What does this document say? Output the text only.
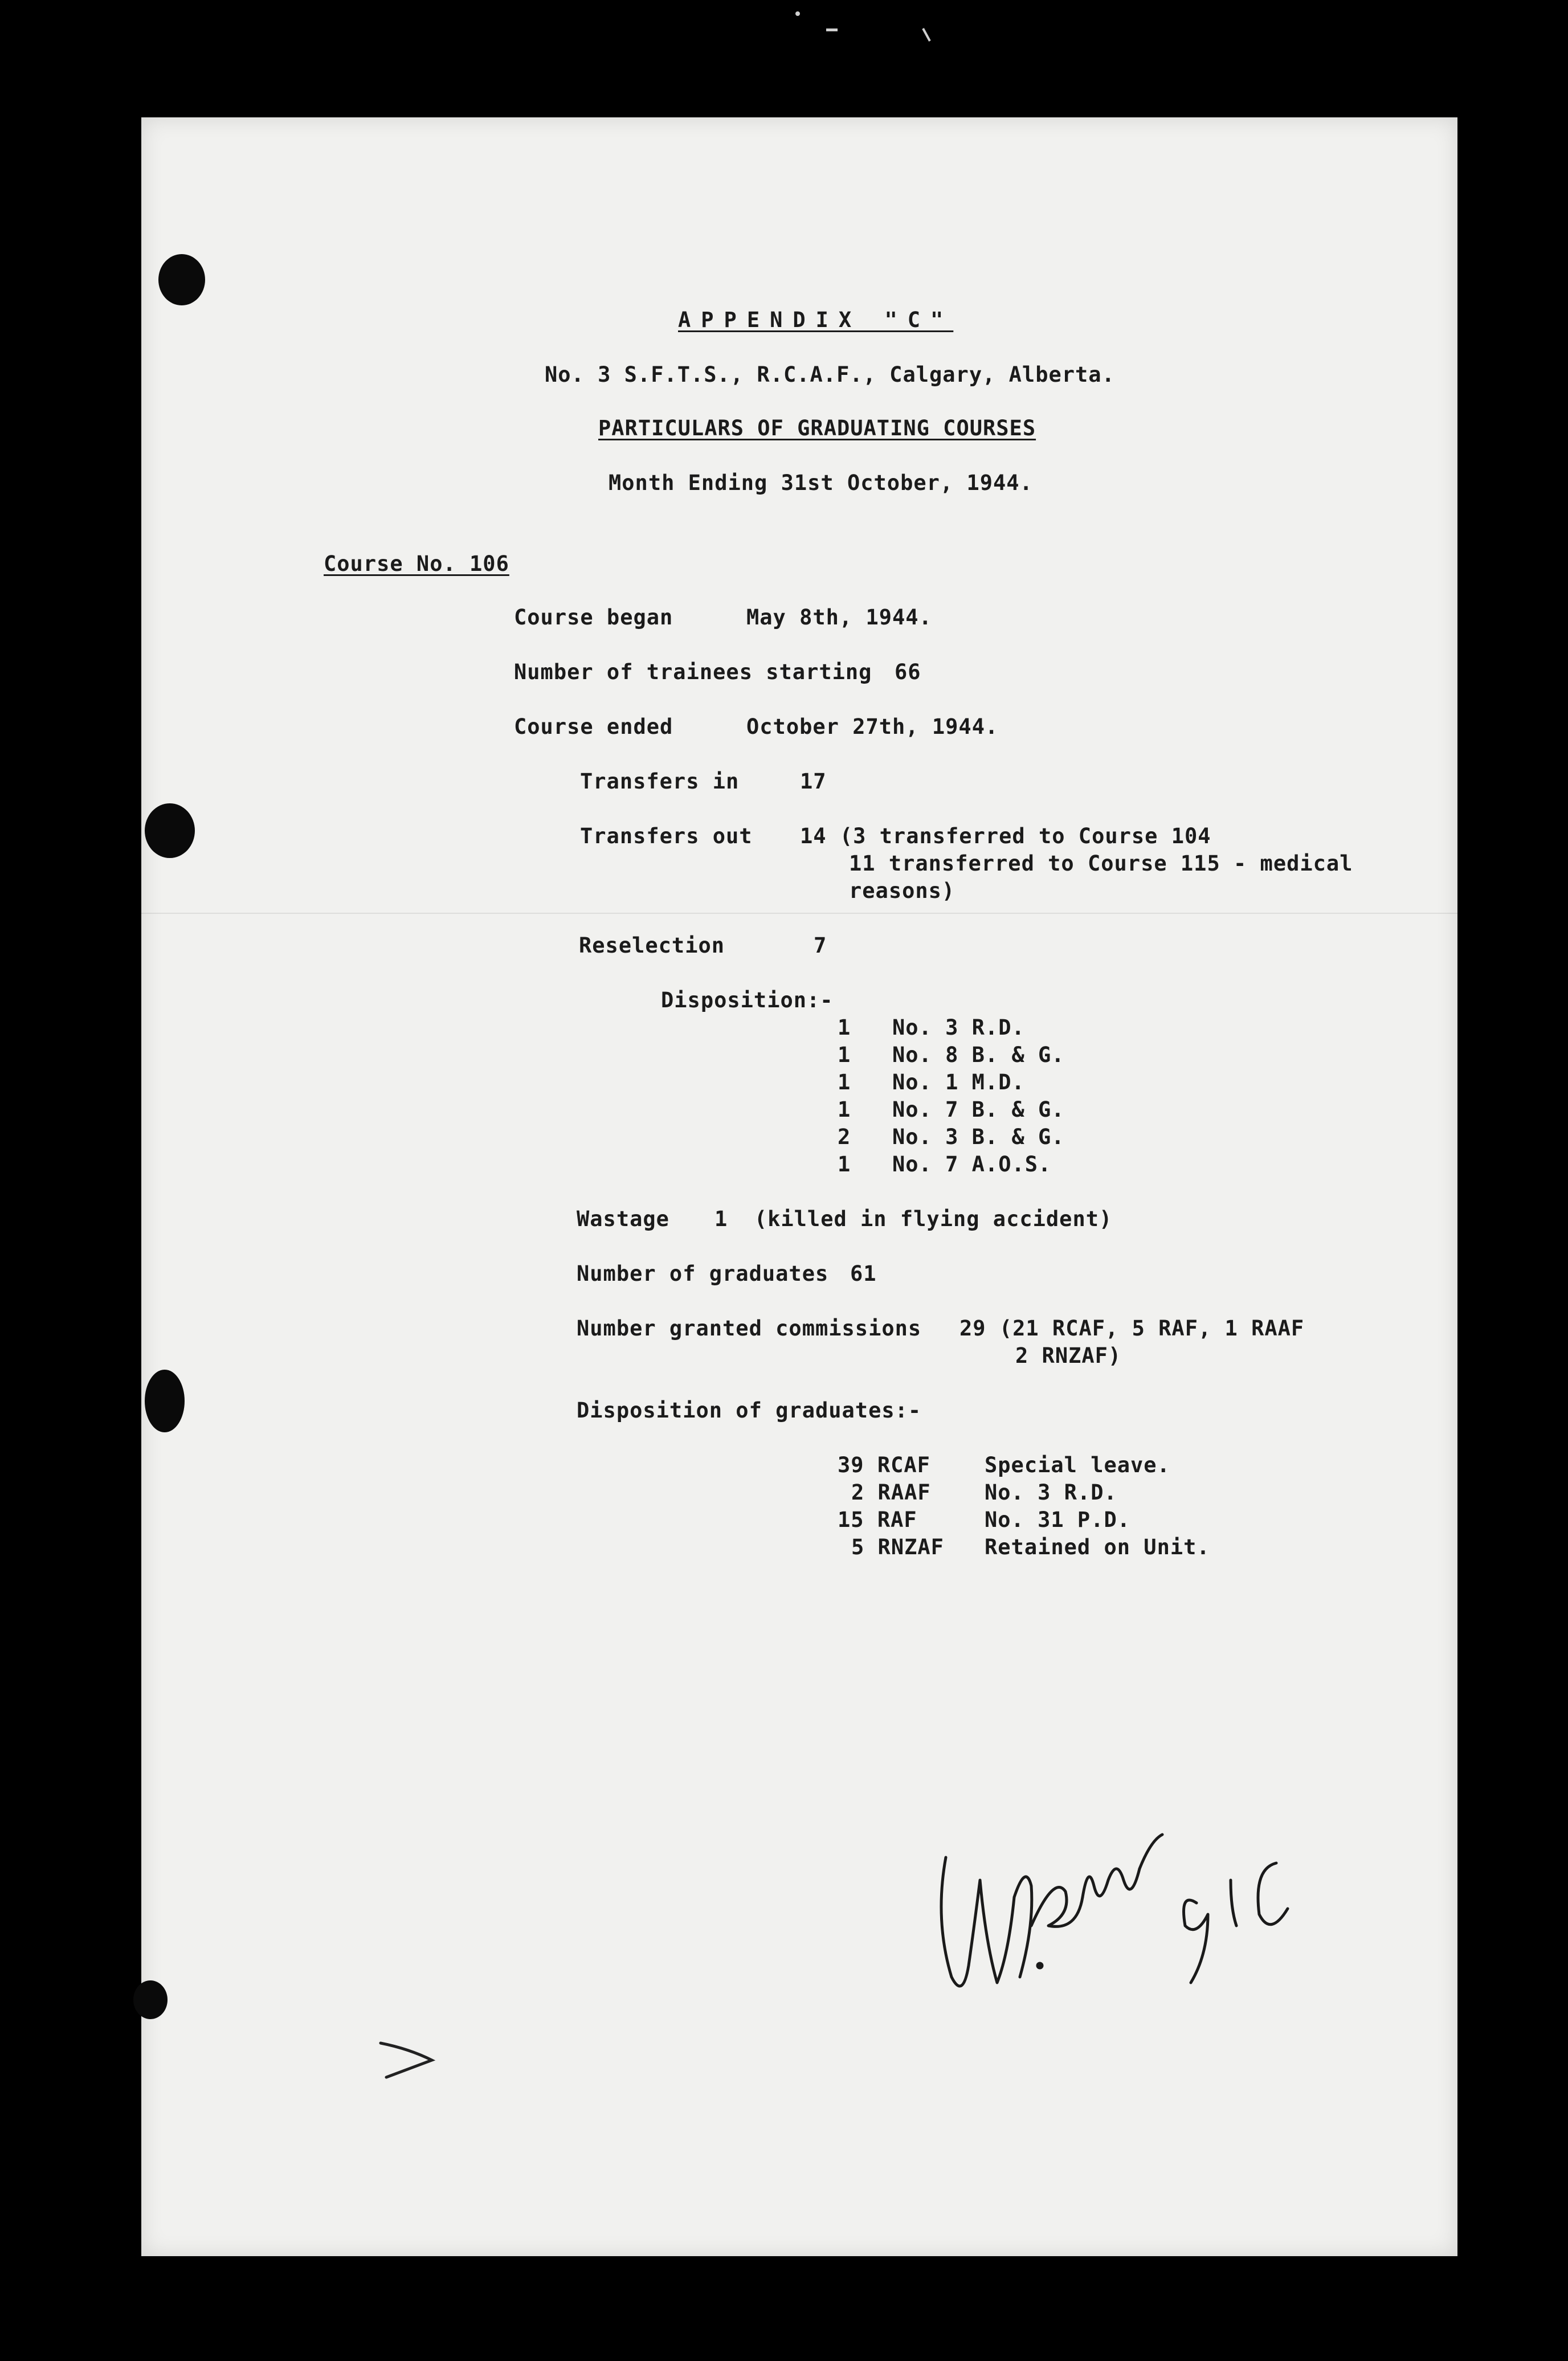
APPENDIX "C"
No. 3 S.F.T.S., R.C.A.F., Calgary, Alberta.
PARTICULARS OF GRADUATING COURSES
Month Ending 31st October, 1944.
Course No. 106
Course began	May 8th, 1944.
Number of trainees starting 66
Course ended	October 27th, 1944.
Transfers in	17
Transfers out 14 (3 transferred to Course 104
11 transferred to Course 115 - medical
reasons)
Reselection	7
Disposition:-
1 No. 3 R.D.
1 No. 8 B. & G.
1 No. 1 M.D.
1 No. 7 B. & G.
2 No. 3 B. & G.
1 No. 7 A.O.S.
Wastage 1  (killed in flying accident)
Number of graduates 61
Number granted commissions 29 (21 RCAF, 5 RAF, 1 RAAF
2 RNZAF)
Disposition of graduates:-
39 RCAF	Special leave.
2 RAAF	No. 3 R.D.
15 RAF	No. 31 P.D.
5 RNZAF Retained on Unit.
